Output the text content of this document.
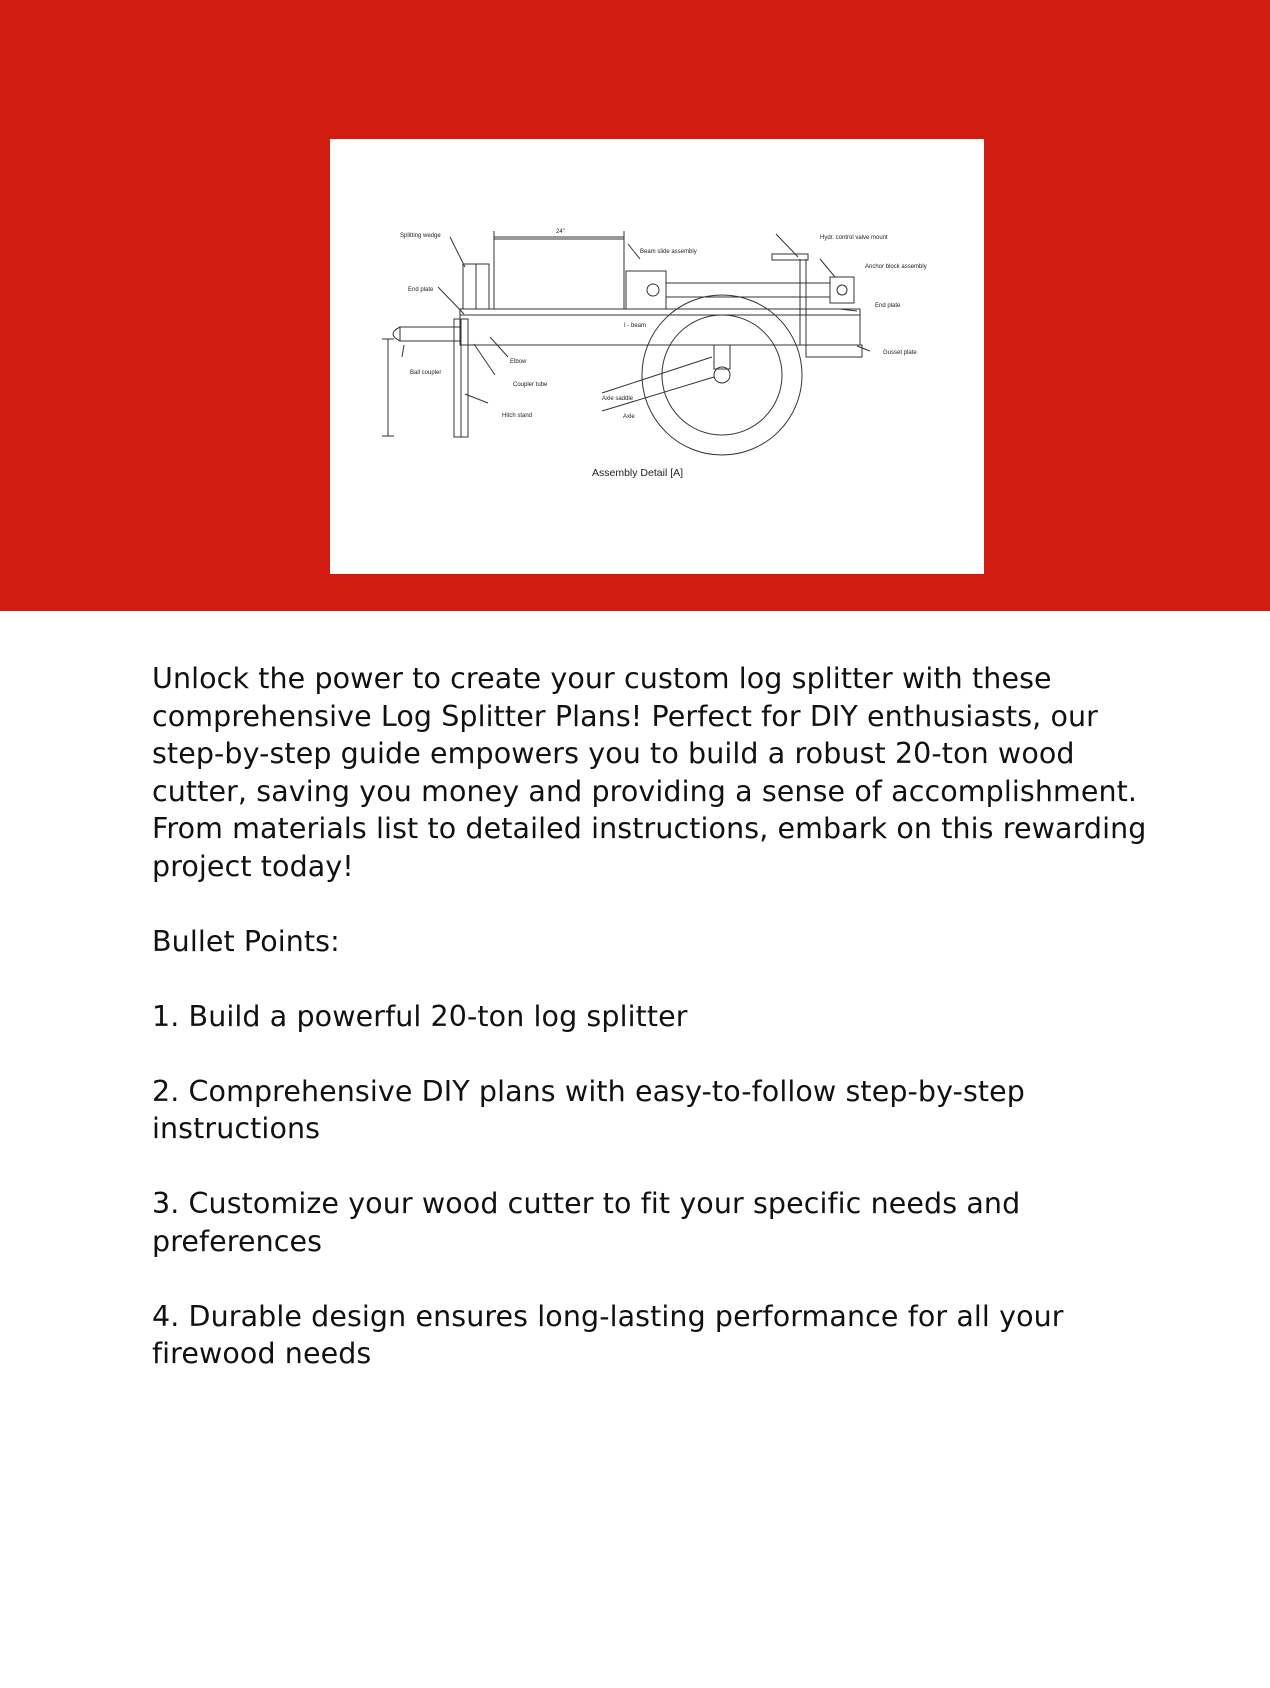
Splitting wedge
End plate
Ball coupler
24"
Beam slide assembly
Hydr. control valve mount
Anchor block assembly
End plate
I - beam
Gusset plate
Elbow
Coupler tube
Axle saddle
Axle
Hitch stand
Assembly Detail [A]

Unlock the power to create your custom log splitter with these comprehensive Log Splitter Plans! Perfect for DIY enthusiasts, our step-by-step guide empowers you to build a robust 20-ton wood cutter, saving you money and providing a sense of accomplishment. From materials list to detailed instructions, embark on this rewarding project today!

Bullet Points:

1. Build a powerful 20-ton log splitter

2. Comprehensive DIY plans with easy-to-follow step-by-step instructions

3. Customize your wood cutter to fit your specific needs and preferences

4. Durable design ensures long-lasting performance for all your firewood needs
